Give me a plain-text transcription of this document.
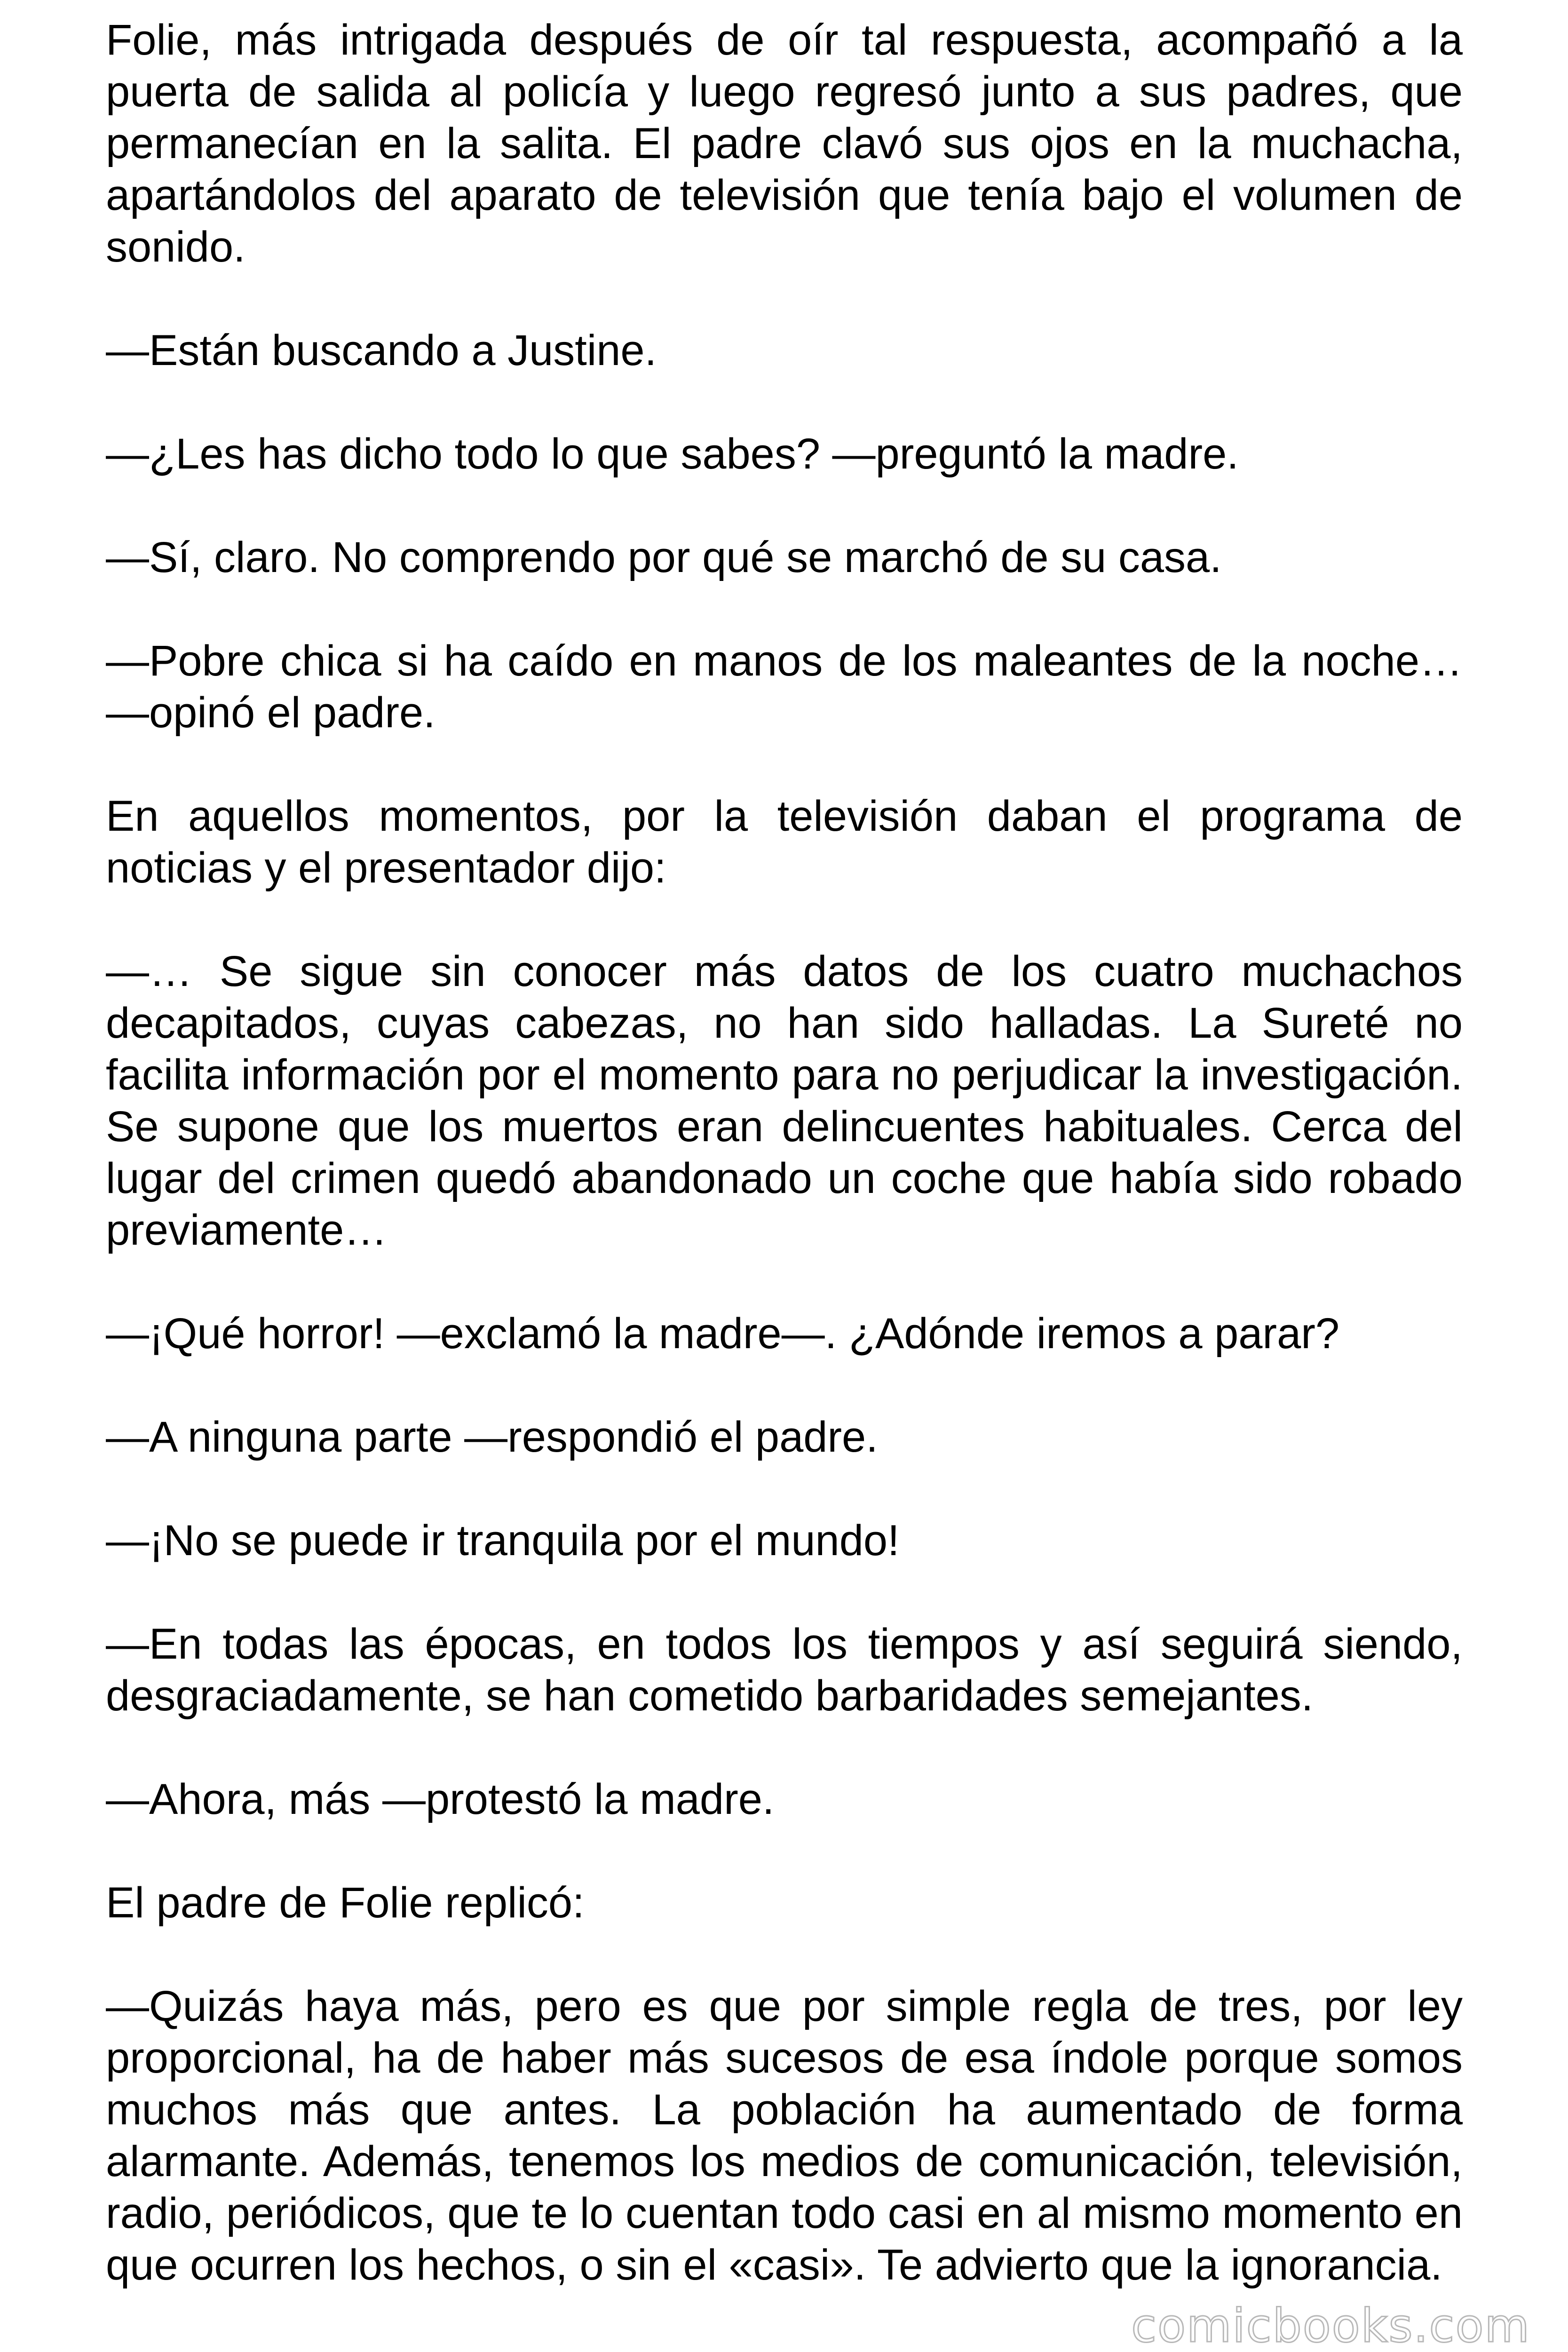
Folie, más intrigada después de oír tal respuesta, acompañó a la puerta de salida al policía y luego regresó junto a sus padres, que permanecían en la salita. El padre clavó sus ojos en la muchacha, apartándolos del aparato de televisión que tenía bajo el volumen de sonido.

—Están buscando a Justine.

—¿Les has dicho todo lo que sabes? —preguntó la madre.

—Sí, claro. No comprendo por qué se marchó de su casa.

—Pobre chica si ha caído en manos de los maleantes de la noche… —opinó el padre.

En aquellos momentos, por la televisión daban el programa de noticias y el presentador dijo:

—… Se sigue sin conocer más datos de los cuatro muchachos decapitados, cuyas cabezas, no han sido halladas. La Sureté no facilita información por el momento para no perjudicar la investigación. Se supone que los muertos eran delincuentes habituales. Cerca del lugar del crimen quedó abandonado un coche que había sido robado previamente…

—¡Qué horror! —exclamó la madre—. ¿Adónde iremos a parar?

—A ninguna parte —respondió el padre.

—¡No se puede ir tranquila por el mundo!

—En todas las épocas, en todos los tiempos y así seguirá siendo, desgraciadamente, se han cometido barbaridades semejantes.

—Ahora, más —protestó la madre.

El padre de Folie replicó:

—Quizás haya más, pero es que por simple regla de tres, por ley proporcional, ha de haber más sucesos de esa índole porque somos muchos más que antes. La población ha aumentado de forma alarmante. Además, tenemos los medios de comunicación, televisión, radio, periódicos, que te lo cuentan todo casi en al mismo momento en que ocurren los hechos, o sin el «casi». Te advierto que la ignorancia.

comicbooks.com
